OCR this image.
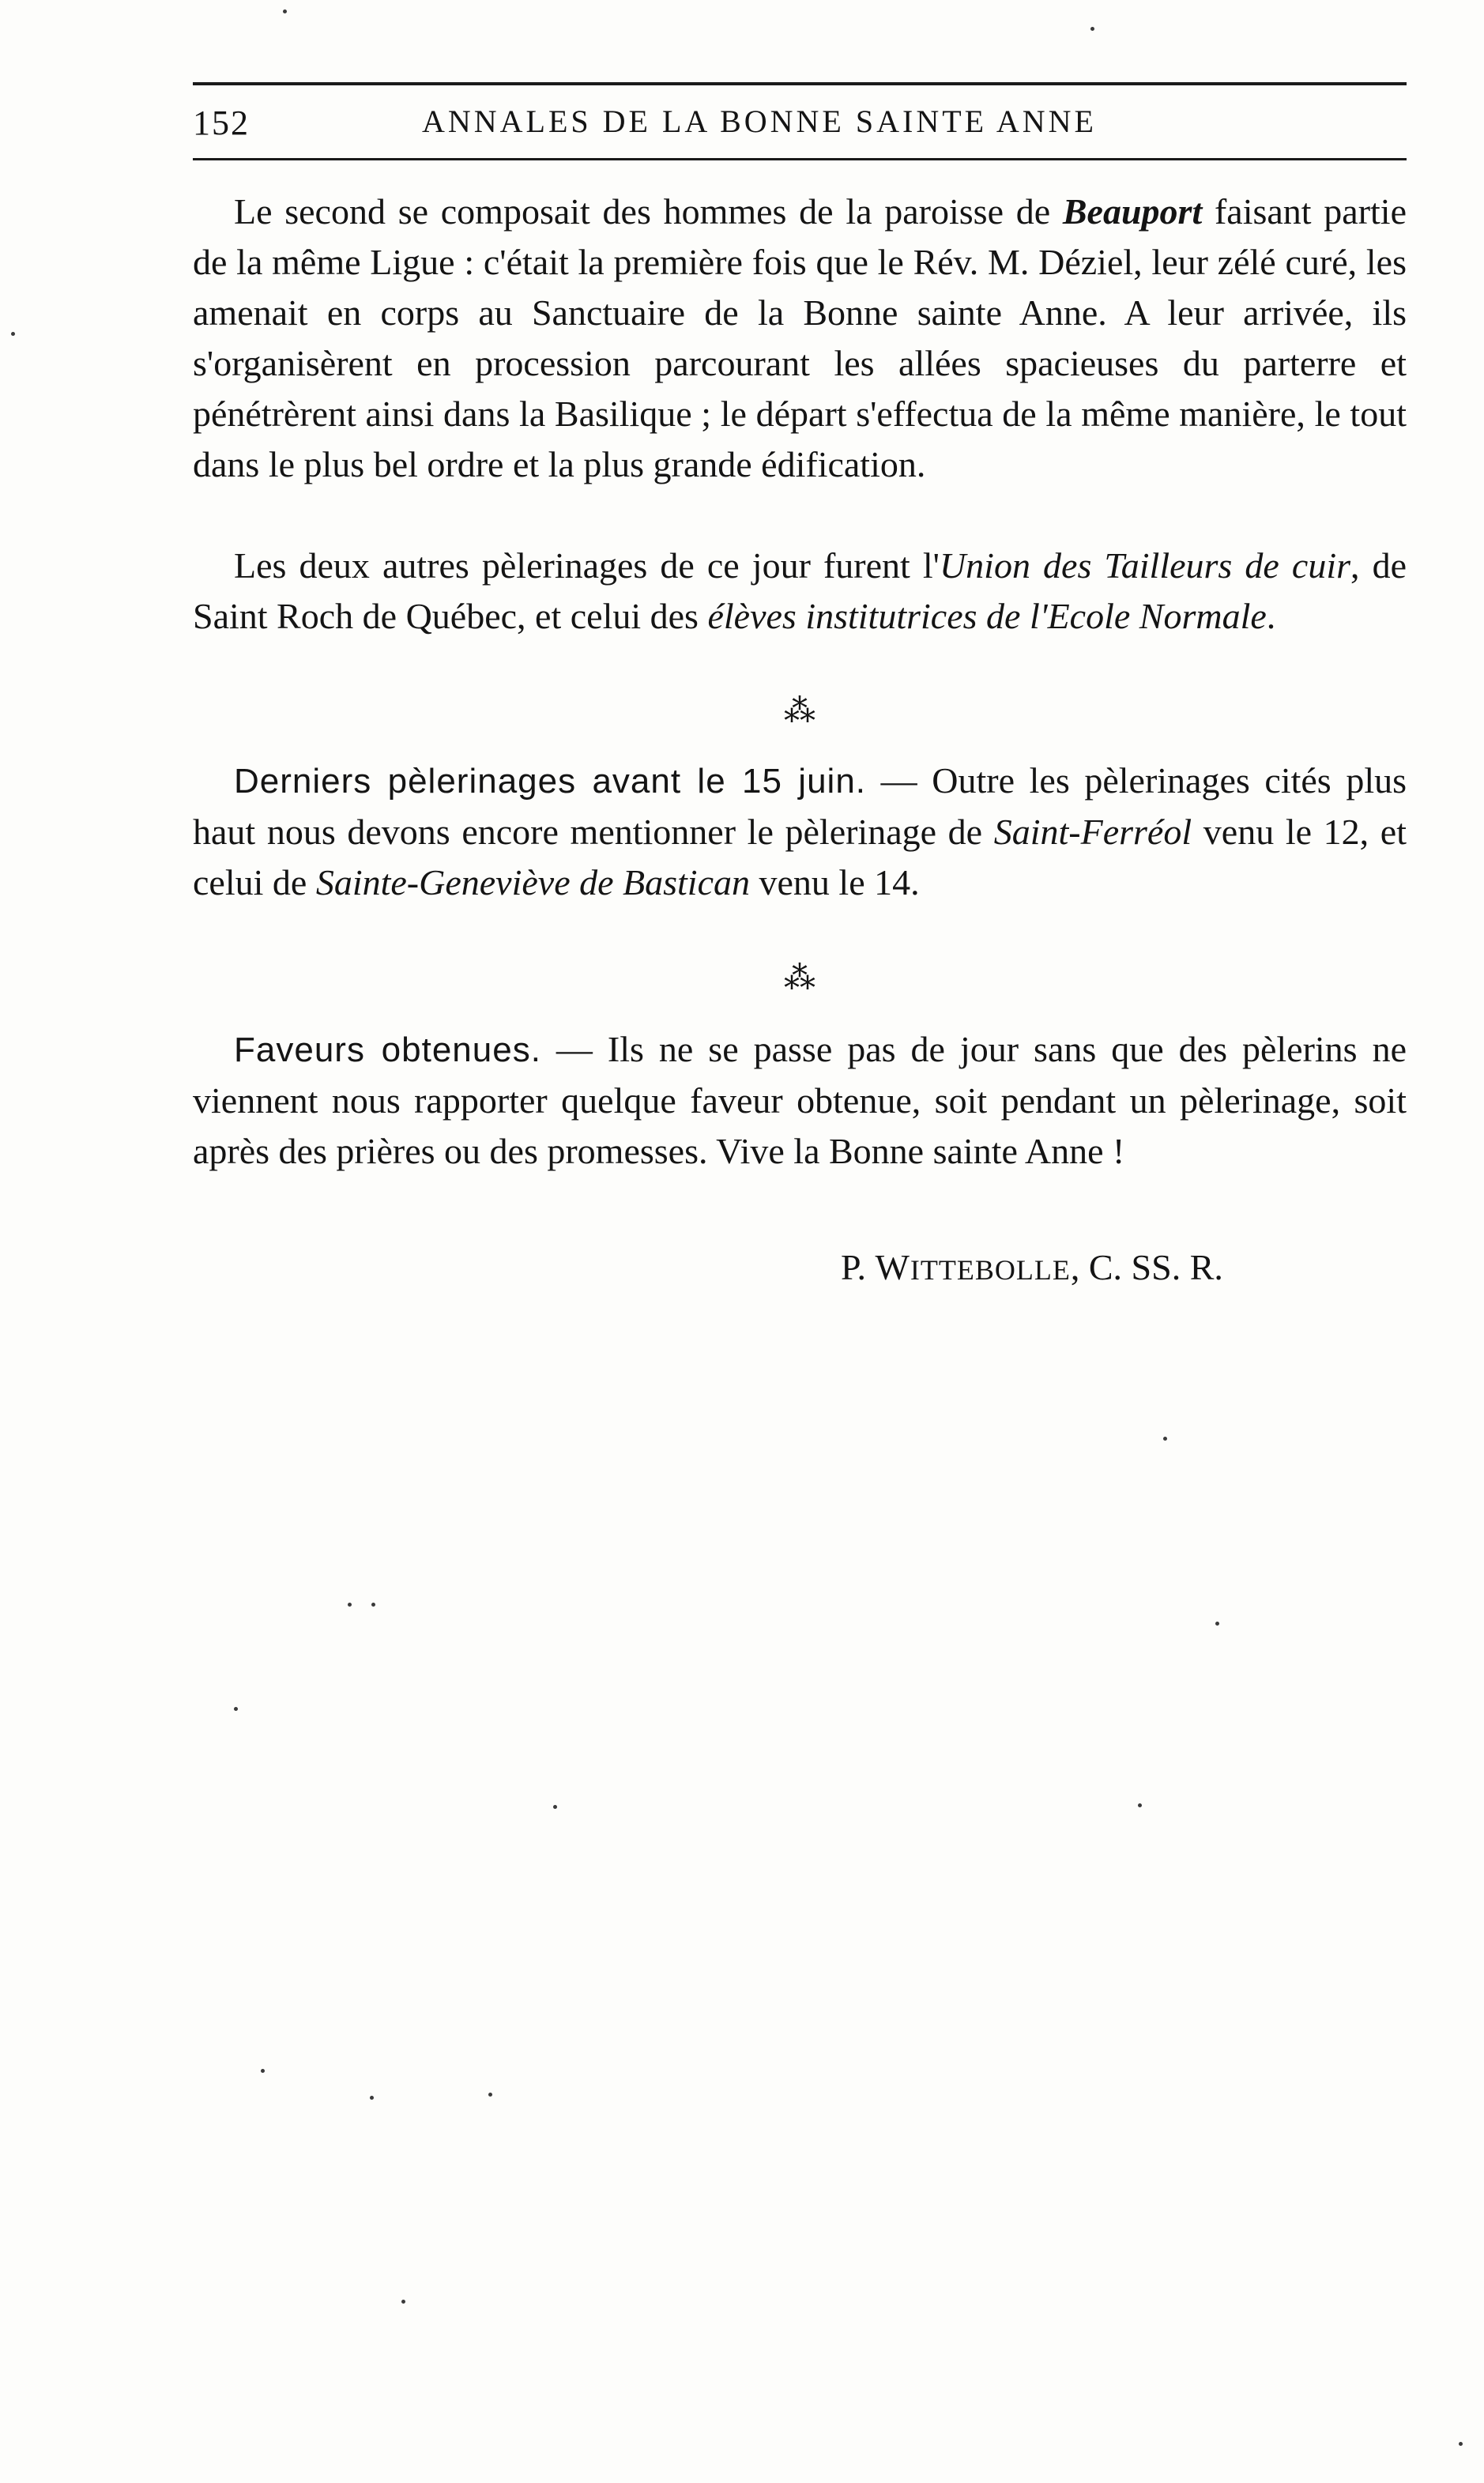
152	ANNALES DE LA BONNE SAINTE ANNE

Le second se composait des hommes de la paroisse de Beauport faisant partie de la même Ligue : c'était la première fois que le Rév. M. Déziel, leur zélé curé, les amenait en corps au Sanctuaire de la Bonne sainte Anne. A leur arrivée, ils s'organisèrent en procession parcourant les allées spacieuses du parterre et pénétrèrent ainsi dans la Basilique ; le départ s'effectua de la même manière, le tout dans le plus bel ordre et la plus grande édification.

Les deux autres pèlerinages de ce jour furent l'Union des Tailleurs de cuir, de Saint Roch de Québec, et celui des élèves institutrices de l'Ecole Normale.

⁂

Derniers pèlerinages avant le 15 juin. — Outre les pèlerinages cités plus haut nous devons encore mentionner le pèlerinage de Saint-Ferréol venu le 12, et celui de Sainte-Geneviève de Bastican venu le 14.

⁂

Faveurs obtenues. — Ils ne se passe pas de jour sans que des pèlerins ne viennent nous rapporter quelque faveur obtenue, soit pendant un pèlerinage, soit après des prières ou des promesses. Vive la Bonne sainte Anne !

P. WITTEBOLLE, C. SS. R.
